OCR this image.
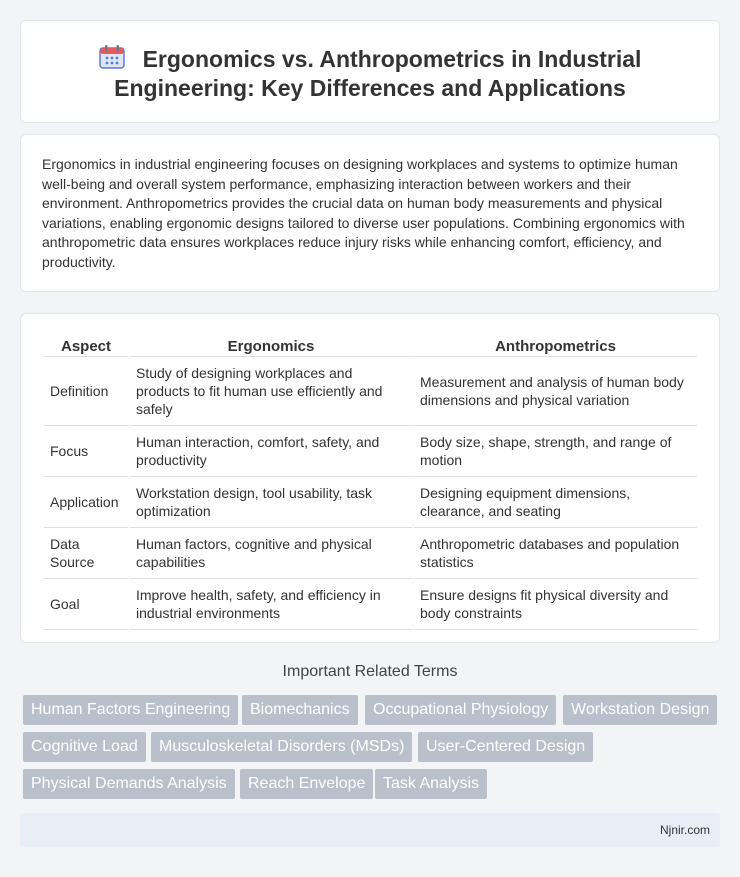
Ergonomics vs. Anthropometrics in Industrial Engineering: Key Differences and Applications

Ergonomics in industrial engineering focuses on designing workplaces and systems to optimize human well-being and overall system performance, emphasizing interaction between workers and their environment. Anthropometrics provides the crucial data on human body measurements and physical variations, enabling ergonomic designs tailored to diverse user populations. Combining ergonomics with anthropometric data ensures workplaces reduce injury risks while enhancing comfort, efficiency, and productivity.

Aspect	Ergonomics	Anthropometrics
Definition	Study of designing workplaces and products to fit human use efficiently and safely	Measurement and analysis of human body dimensions and physical variation
Focus	Human interaction, comfort, safety, and productivity	Body size, shape, strength, and range of motion
Application	Workstation design, tool usability, task optimization	Designing equipment dimensions, clearance, and seating
Data Source	Human factors, cognitive and physical capabilities	Anthropometric databases and population statistics
Goal	Improve health, safety, and efficiency in industrial environments	Ensure designs fit physical diversity and body constraints
Important Related Terms
Human Factors Engineering	Biomechanics	Occupational Physiology	Workstation Design
Cognitive Load	Musculoskeletal Disorders (MSDs)	User-Centered Design
Physical Demands Analysis	Reach Envelope	Task Analysis
Njnir.com
